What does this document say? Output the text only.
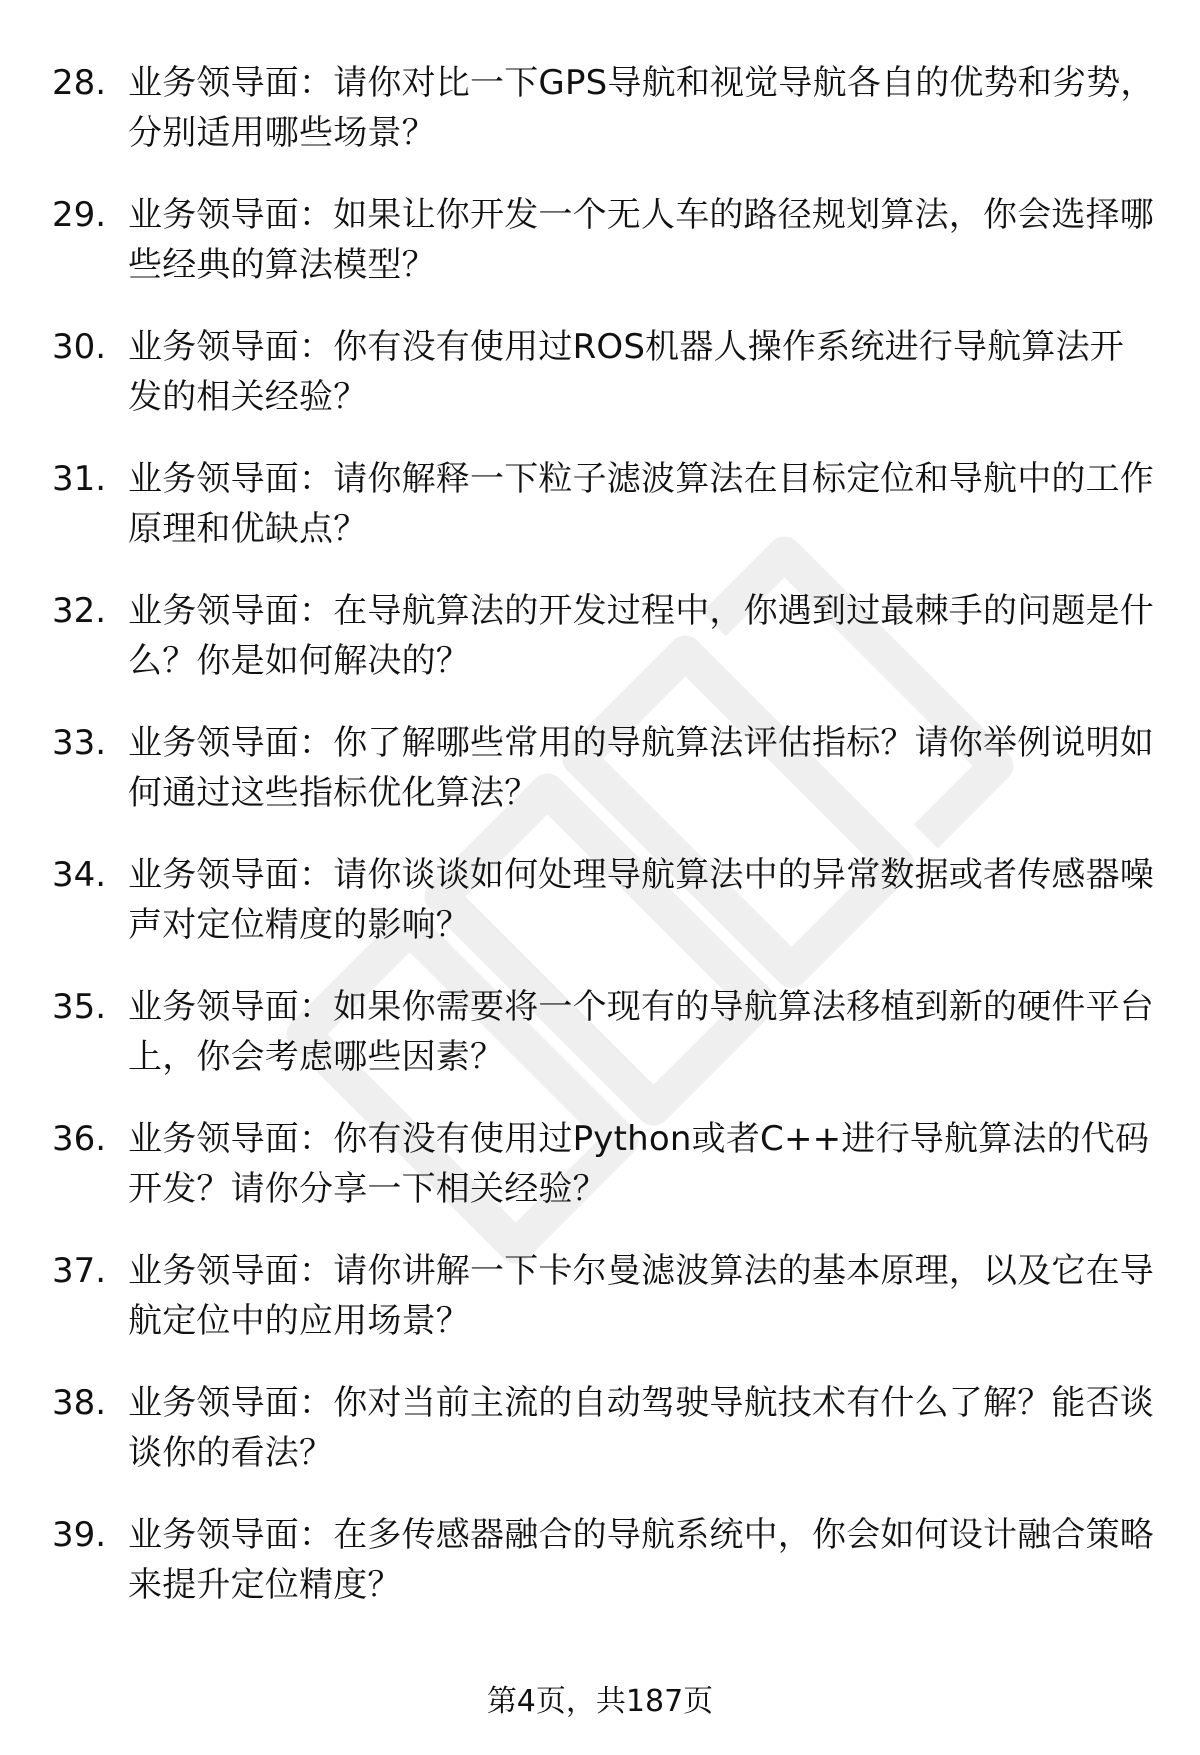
28. 业务领导面：请你对比一下GPS导航和视觉导航各自的优势和劣势，分别适用哪些场景？
29. 业务领导面：如果让你开发一个无人车的路径规划算法，你会选择哪些经典的算法模型？
30. 业务领导面：你有没有使用过ROS机器人操作系统进行导航算法开发的相关经验？
31. 业务领导面：请你解释一下粒子滤波算法在目标定位和导航中的工作原理和优缺点？
32. 业务领导面：在导航算法的开发过程中，你遇到过最棘手的问题是什么？你是如何解决的？
33. 业务领导面：你了解哪些常用的导航算法评估指标？请你举例说明如何通过这些指标优化算法？
34. 业务领导面：请你谈谈如何处理导航算法中的异常数据或者传感器噪声对定位精度的影响？
35. 业务领导面：如果你需要将一个现有的导航算法移植到新的硬件平台上，你会考虑哪些因素？
36. 业务领导面：你有没有使用过Python或者C++进行导航算法的代码开发？请你分享一下相关经验？
37. 业务领导面：请你讲解一下卡尔曼滤波算法的基本原理，以及它在导航定位中的应用场景？
38. 业务领导面：你对当前主流的自动驾驶导航技术有什么了解？能否谈谈你的看法？
39. 业务领导面：在多传感器融合的导航系统中，你会如何设计融合策略来提升定位精度？
第4页，共187页
